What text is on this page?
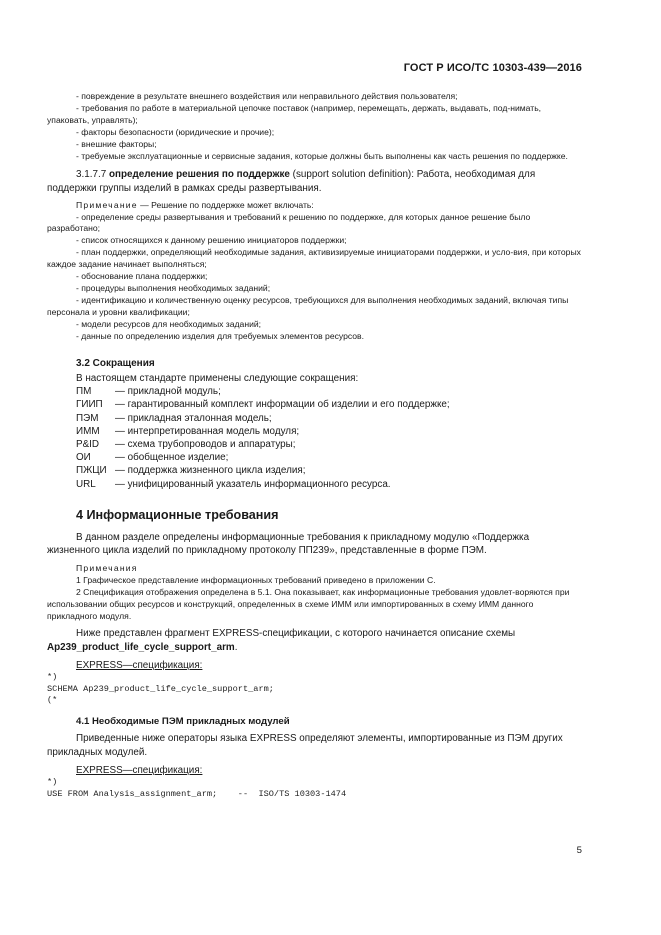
ГОСТ Р ИСО/ТС 10303-439—2016

- повреждение в результате внешнего воздействия или неправильного действия пользователя;

- требования по работе в материальной цепочке поставок (например, перемещать, держать, выдавать, под-нимать, упаковать, управлять);

- факторы безопасности (юридические и прочие);

- внешние факторы;

- требуемые эксплуатационные и сервисные задания, которые должны быть выполнены как часть решения по поддержке.

3.1.7.7 определение решения по поддержке (support solution definition): Работа, необходимая для поддержки группы изделий в рамках среды развертывания.

Примечание — Решение по поддержке может включать:

- определение среды развертывания и требований к решению по поддержке, для которых данное решение было разработано;

- список относящихся к данному решению инициаторов поддержки;

- план поддержки, определяющий необходимые задания, активизируемые инициаторами поддержки, и усло-вия, при которых каждое задание начинает выполняться;

- обоснование плана поддержки;

- процедуры выполнения необходимых заданий;

- идентификацию и количественную оценку ресурсов, требующихся для выполнения необходимых заданий, включая типы персонала и уровни квалификации;

- модели ресурсов для необходимых заданий;

- данные по определению изделия для требуемых элементов ресурсов.

3.2 Сокращения
В настоящем стандарте применены следующие сокращения:
ПМ	— прикладной модуль;
ГИИП	— гарантированный комплект информации об изделии и его поддержке;
ПЭМ	— прикладная эталонная модель;
ИММ	— интерпретированная модель модуля;
P&ID	— схема трубопроводов и аппаратуры;
ОИ	— обобщенное изделие;
ПЖЦИ — поддержка жизненного цикла изделия;
URL	— унифицированный указатель информационного ресурса.
4 Информационные требования
В данном разделе определены информационные требования к прикладному модулю «Поддержка жизненного цикла изделий по прикладному протоколу ПП239», представленные в форме ПЭМ.

Примечания

1 Графическое представление информационных требований приведено в приложении С.

2 Спецификация отображения определена в 5.1. Она показывает, как информационные требования удовлет-воряются при использовании общих ресурсов и конструкций, определенных в схеме ИММ или импортированных в схему ИММ данного прикладного модуля.

Ниже представлен фрагмент EXPRESS-спецификации, с которого начинается описание схемы Ap239_product_life_cycle_support_arm.
EXPRESS—спецификация:
*)
SCHEMA Ap239_product_life_cycle_support_arm;
(*
4.1 Необходимые ПЭМ прикладных модулей
Приведенные ниже операторы языка EXPRESS определяют элементы, импортированные из ПЭМ других прикладных модулей.
EXPRESS—спецификация:
*)
USE FROM Analysis_assignment_arm;    --  ISO/TS 10303-1474
5
